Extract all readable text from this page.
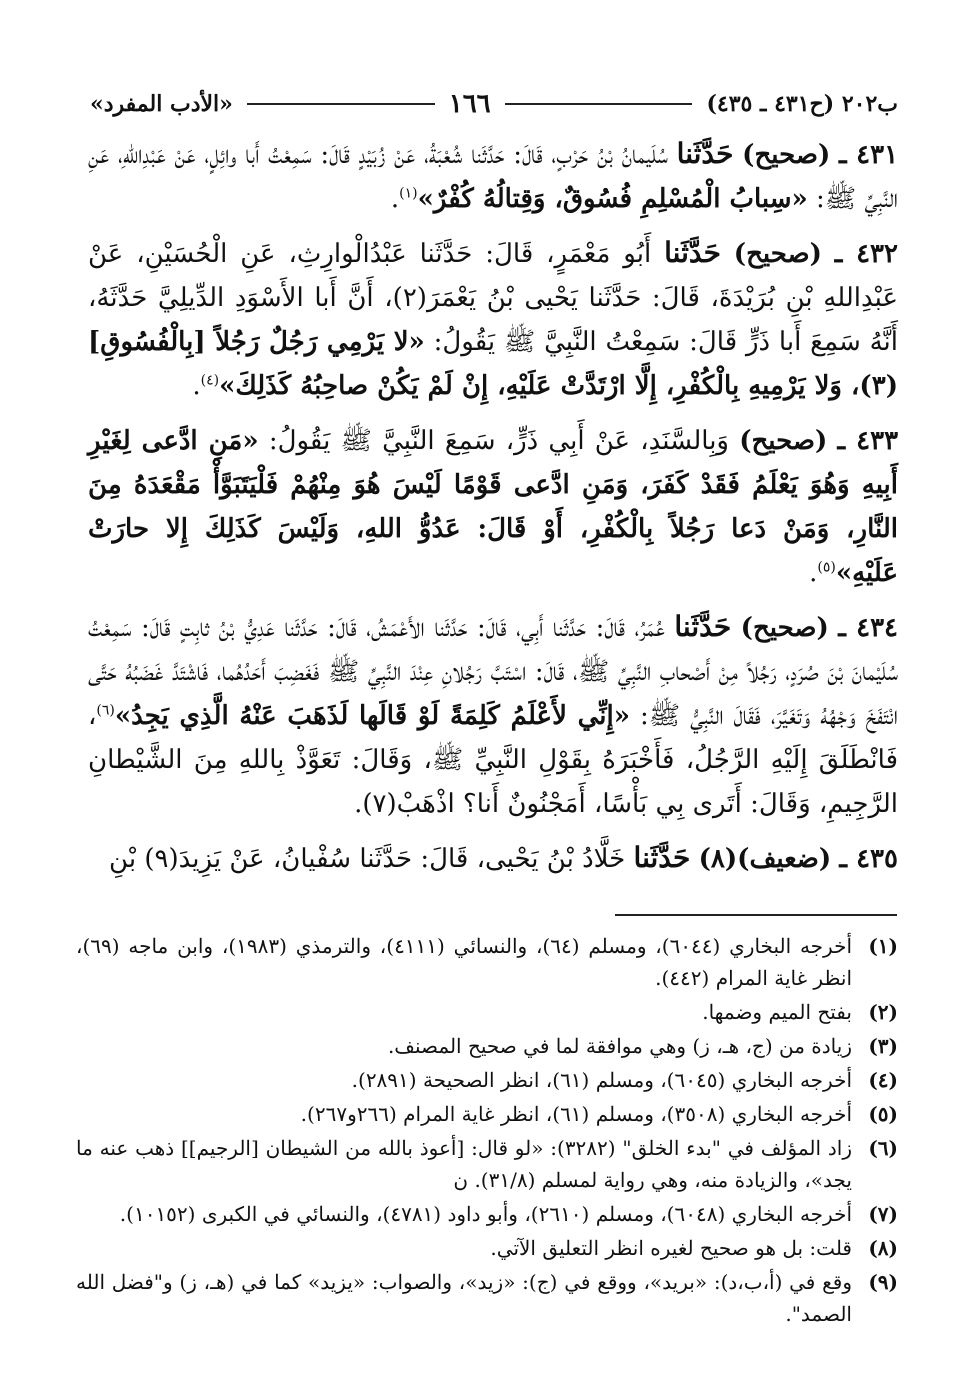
ب٢٠٢ (ح٤٣١ ـ ٤٣٥)
١٦٦
«الأدب المفرد»

٤٣١ ـ (صحيح) حَدَّثَنا سُلَيمانُ بْنُ حَرْبٍ، قَالَ: حَدَّثَنا شُعْبَةُ، عَنْ زُبَيْدٍ قَالَ: سَمِعْتُ أَبا وائِلٍ، عَنْ عَبْدِاللهِ، عَنِ النَّبِيِّ ﷺ: «سِبابُ الْمُسْلِمِ فُسُوقٌ، وَقِتالُهُ كُفْرٌ»$^{(١)}$.

٤٣٢ ـ (صحيح) حَدَّثَنا أَبُو مَعْمَرٍ، قَالَ: حَدَّثَنا عَبْدُالْوارِثِ، عَنِ الْحُسَيْنِ، عَنْ عَبْدِاللهِ بْنِ بُرَيْدَةَ، قَالَ: حَدَّثَنا يَحْيى بْنُ يَعْمَرَ(٢)، أَنَّ أَبا الأَسْوَدِ الدِّيلِيَّ حَدَّثَهُ، أَنَّهُ سَمِعَ أَبا ذَرٍّ قَالَ: سَمِعْتُ النَّبِيَّ ﷺ يَقُولُ: «لا يَرْمِي رَجُلٌ رَجُلاً [بِالْفُسُوقِ](٣)، وَلا يَرْمِيهِ بِالْكُفْرِ، إِلَّا ارْتَدَّتْ عَلَيْهِ، إِنْ لَمْ يَكُنْ صاحِبُهُ كَذَلِكَ»$^{(٤)}$.

٤٣٣ ـ (صحيح) وَبِالسَّنَدِ، عَنْ أَبِي ذَرٍّ، سَمِعَ النَّبِيَّ ﷺ يَقُولُ: «مَنِ ادَّعى لِغَيْرِ أَبِيهِ وَهُوَ يَعْلَمُ فَقَدْ كَفَرَ، وَمَنِ ادَّعى قَوْمًا لَيْسَ هُوَ مِنْهُمْ فَلْيَتَبَوَّأْ مَقْعَدَهُ مِنَ النَّارِ، وَمَنْ دَعا رَجُلاً بِالْكُفْرِ، أَوْ قَالَ: عَدُوُّ اللهِ، وَلَيْسَ كَذَلِكَ إِلا حارَتْ عَلَيْهِ»$^{(٥)}$.

٤٣٤ ـ (صحيح) حَدَّثَنا عُمَرُ، قَالَ: حَدَّثَنا أَبِي، قَالَ: حَدَّثَنا الأَعْمَشُ، قَالَ: حَدَّثَنا عَدِيُّ بْنُ ثابِتٍ قَالَ: سَمِعْتُ سُلَيْمانَ بْنَ صُرَدٍ، رَجُلاً مِنْ أَصْحابِ النَّبِيِّ ﷺ، قَالَ: اسْتَبَّ رَجُلانِ عِنْدَ النَّبِيِّ ﷺ فَغَضِبَ أَحَدُهُما، فَاشْتَدَّ غَضَبُهُ حَتَّى انْتَفَخَ وَجْهُهُ وَتَغَيَّرَ، فَقَالَ النَّبِيُّ ﷺ: «إِنِّي لأَعْلَمُ كَلِمَةً لَوْ قَالَها لَذَهَبَ عَنْهُ الَّذِي يَجِدُ»$^{(٦)}$، فَانْطَلَقَ إِلَيْهِ الرَّجُلُ، فَأَخْبَرَهُ بِقَوْلِ النَّبِيِّ ﷺ، وَقَالَ: تَعَوَّذْ بِاللهِ مِنَ الشَّيْطانِ الرَّجِيمِ، وَقَالَ: أَتَرى بِي بَأْسًا، أَمَجْنُونٌ أَنا؟ اذْهَبْ(٧).

٤٣٥ ـ (ضعيف)(٨) حَدَّثَنا خَلَّادُ بْنُ يَحْيى، قَالَ: حَدَّثَنا سُفْيانُ، عَنْ يَزِيدَ(٩) بْنِ

(١)
أخرجه البخاري (٦٠٤٤)، ومسلم (٦٤)، والنسائي (٤١١١)، والترمذي (١٩٨٣)، وابن ماجه (٦٩)، انظر غاية المرام (٤٤٢).
(٢)
بفتح الميم وضمها.
(٣)
زيادة من (ج، هـ، ز) وهي موافقة لما في صحيح المصنف.
(٤)
أخرجه البخاري (٦٠٤٥)، ومسلم (٦١)، انظر الصحيحة (٢٨٩١).
(٥)
أخرجه البخاري (٣٥٠٨)، ومسلم (٦١)، انظر غاية المرام (٢٦٦و٢٦٧).
(٦)
زاد المؤلف في "بدء الخلق" (٣٢٨٢): «لو قال: [أعوذ بالله من الشيطان [الرجيم]] ذهب عنه ما يجد»، والزيادة منه، وهي رواية لمسلم (٣١/٨). ن
(٧)
أخرجه البخاري (٦٠٤٨)، ومسلم (٢٦١٠)، وأبو داود (٤٧٨١)، والنسائي في الكبرى (١٠١٥٢).
(٨)
قلت: بل هو صحيح لغيره انظر التعليق الآتي.
(٩)
وقع في (أ،ب،د): «بريد»، ووقع في (ج): «زيد»، والصواب: «يزيد» كما في (هـ، ز) و"فضل الله الصمد".
